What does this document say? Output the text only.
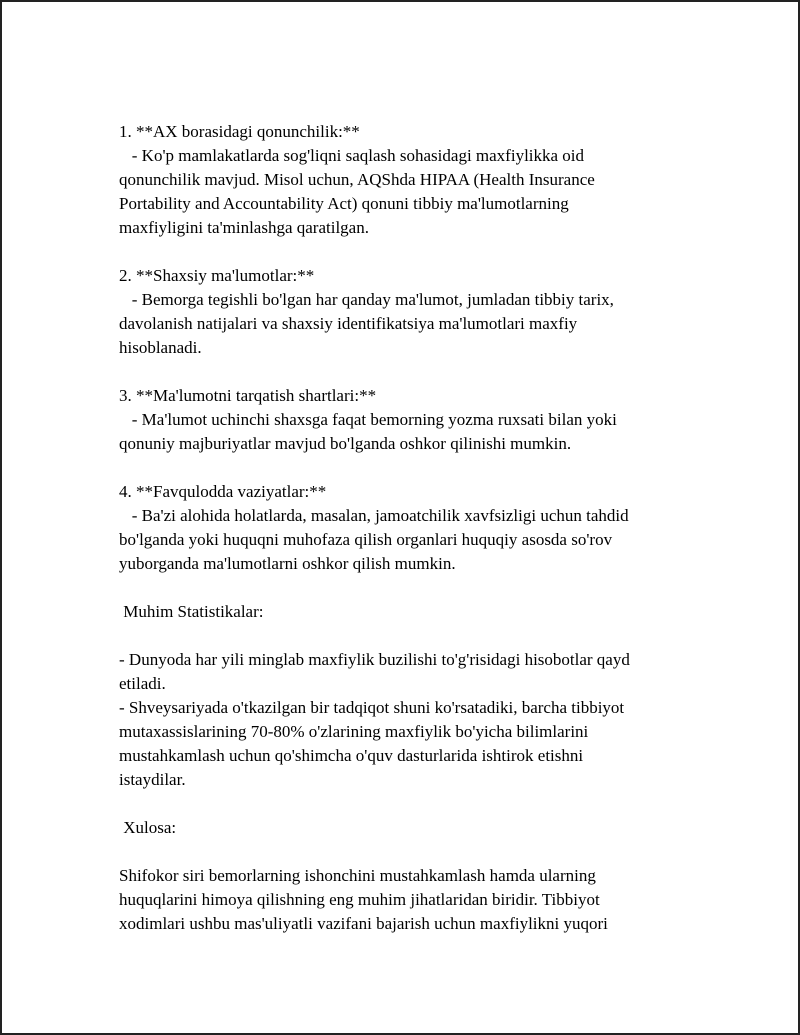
1. **AX borasidagi qonunchilik:**
- Ko'p mamlakatlarda sog'liqni saqlash sohasidagi maxfiylikka oid
qonunchilik mavjud. Misol uchun, AQShda HIPAA (Health Insurance
Portability and Accountability Act) qonuni tibbiy ma'lumotlarning
maxfiyligini ta'minlashga qaratilgan.
2. **Shaxsiy ma'lumotlar:**
- Bemorga tegishli bo'lgan har qanday ma'lumot, jumladan tibbiy tarix,
davolanish natijalari va shaxsiy identifikatsiya ma'lumotlari maxfiy
hisoblanadi.
3. **Ma'lumotni tarqatish shartlari:**
- Ma'lumot uchinchi shaxsga faqat bemorning yozma ruxsati bilan yoki
qonuniy majburiyatlar mavjud bo'lganda oshkor qilinishi mumkin.
4. **Favqulodda vaziyatlar:**
- Ba'zi alohida holatlarda, masalan, jamoatchilik xavfsizligi uchun tahdid
bo'lganda yoki huquqni muhofaza qilish organlari huquqiy asosda so'rov
yuborganda ma'lumotlarni oshkor qilish mumkin.
Muhim Statistikalar:
- Dunyoda har yili minglab maxfiylik buzilishi to'g'risidagi hisobotlar qayd
etiladi.
- Shveysariyada o'tkazilgan bir tadqiqot shuni ko'rsatadiki, barcha tibbiyot
mutaxassislarining 70-80% o'zlarining maxfiylik bo'yicha bilimlarini
mustahkamlash uchun qo'shimcha o'quv dasturlarida ishtirok etishni
istaydilar.
Xulosa:
Shifokor siri bemorlarning ishonchini mustahkamlash hamda ularning
huquqlarini himoya qilishning eng muhim jihatlaridan biridir. Tibbiyot
xodimlari ushbu mas'uliyatli vazifani bajarish uchun maxfiylikni yuqori
